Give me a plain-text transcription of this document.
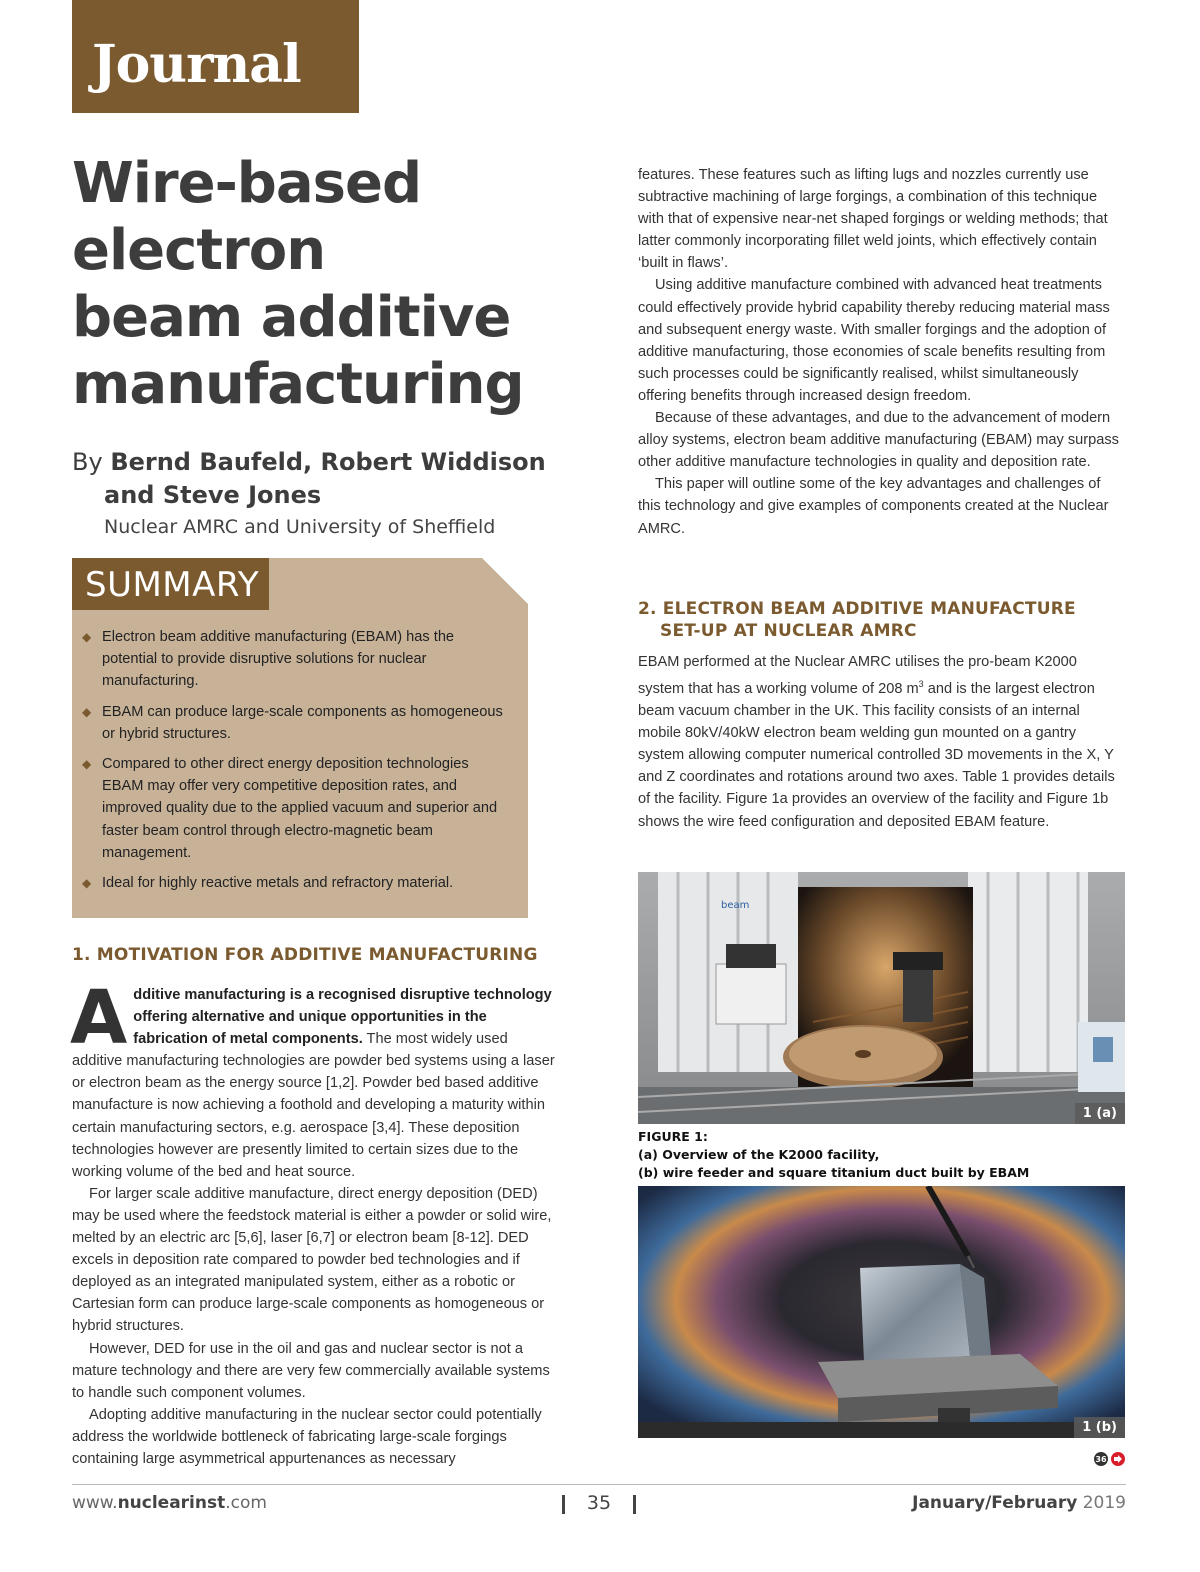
Journal
Wire-based
electron
beam additive
manufacturing
By Bernd Baufeld, Robert Widdison
and Steve Jones
Nuclear AMRC and University of Sheffield
SUMMARY
◆ Electron beam additive manufacturing (EBAM) has the potential to provide disruptive solutions for nuclear manufacturing.
◆ EBAM can produce large-scale components as homogeneous or hybrid structures.
◆ Compared to other direct energy deposition technologies EBAM may offer very competitive deposition rates, and improved quality due to the applied vacuum and superior and faster beam control through electro-magnetic beam management.
◆ Ideal for highly reactive metals and refractory material.
1. MOTIVATION FOR ADDITIVE MANUFACTURING

Additive manufacturing is a recognised disruptive technology offering alternative and unique opportunities in the fabrication of metal components. The most widely used additive manufacturing technologies are powder bed systems using a laser or electron beam as the energy source [1,2]. Powder bed based additive manufacture is now achieving a foothold and developing a maturity within certain manufacturing sectors, e.g. aerospace [3,4]. These deposition technologies however are presently limited to certain sizes due to the working volume of the bed and heat source.

For larger scale additive manufacture, direct energy deposition (DED) may be used where the feedstock material is either a powder or solid wire, melted by an electric arc [5,6], laser [6,7] or electron beam [8-12]. DED excels in deposition rate compared to powder bed technologies and if deployed as an integrated manipulated system, either as a robotic or Cartesian form can produce large-scale components as homogeneous or hybrid structures.

However, DED for use in the oil and gas and nuclear sector is not a mature technology and there are very few commercially available systems to handle such component volumes.

Adopting additive manufacturing in the nuclear sector could potentially address the worldwide bottleneck of fabricating large-scale forgings containing large asymmetrical appurtenances as necessary

features. These features such as lifting lugs and nozzles currently use subtractive machining of large forgings, a combination of this technique with that of expensive near-net shaped forgings or welding methods; that latter commonly incorporating fillet weld joints, which effectively contain ‘built in flaws’.

Using additive manufacture combined with advanced heat treatments could effectively provide hybrid capability thereby reducing material mass and subsequent energy waste. With smaller forgings and the adoption of additive manufacturing, those economies of scale benefits resulting from such processes could be significantly realised, whilst simultaneously offering benefits through increased design freedom.

Because of these advantages, and due to the advancement of modern alloy systems, electron beam additive manufacturing (EBAM) may surpass other additive manufacture technologies in quality and deposition rate.

This paper will outline some of the key advantages and challenges of this technology and give examples of components created at the Nuclear AMRC.

2. ELECTRON BEAM ADDITIVE MANUFACTURE
SET-UP AT NUCLEAR AMRC

EBAM performed at the Nuclear AMRC utilises the pro-beam K2000 system that has a working volume of 208 $m^3$ and is the largest electron beam vacuum chamber in the UK. This facility consists of an internal mobile 80kV/40kW electron beam welding gun mounted on a gantry system allowing computer numerical controlled 3D movements in the X, Y and Z coordinates and rotations around two axes. Table 1 provides details of the facility. Figure 1a provides an overview of the facility and Figure 1b shows the wire feed configuration and deposited EBAM feature.

beam
1 (a)
FIGURE 1:
(a) Overview of the K2000 facility,
(b) wire feeder and square titanium duct built by EBAM
1 (b)
36
www.nuclearinst.com	35	January/February 2019
